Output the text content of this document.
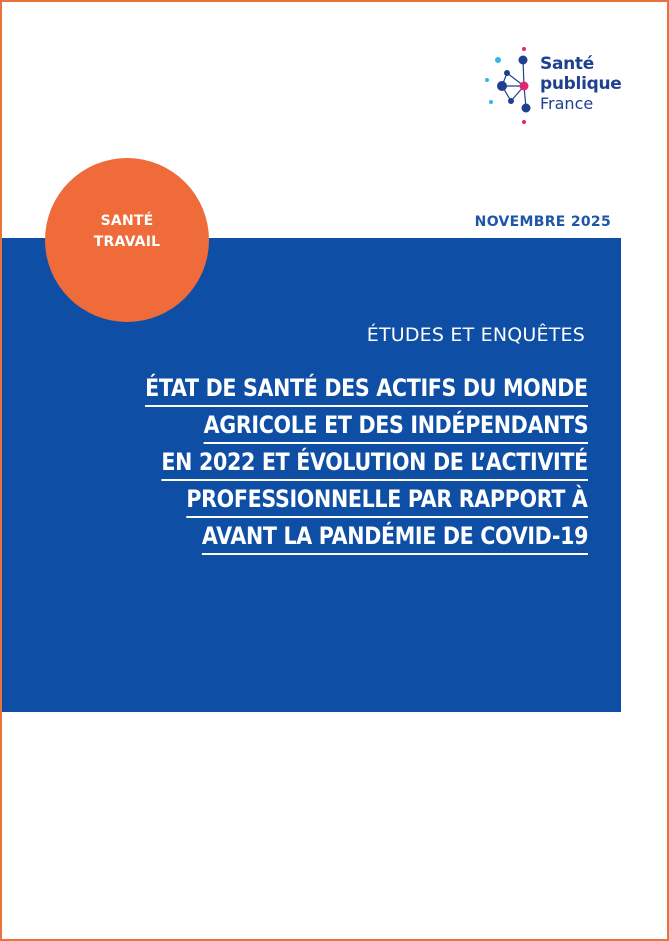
Santé
publique
France
NOVEMBRE 2025
SANTÉ
TRAVAIL
ÉTUDES ET ENQUÊTES
ÉTAT DE SANTÉ DES ACTIFS DU MONDE
AGRICOLE ET DES INDÉPENDANTS
EN 2022 ET ÉVOLUTION DE L’ACTIVITÉ
PROFESSIONNELLE PAR RAPPORT À
AVANT LA PANDÉMIE DE COVID-19
